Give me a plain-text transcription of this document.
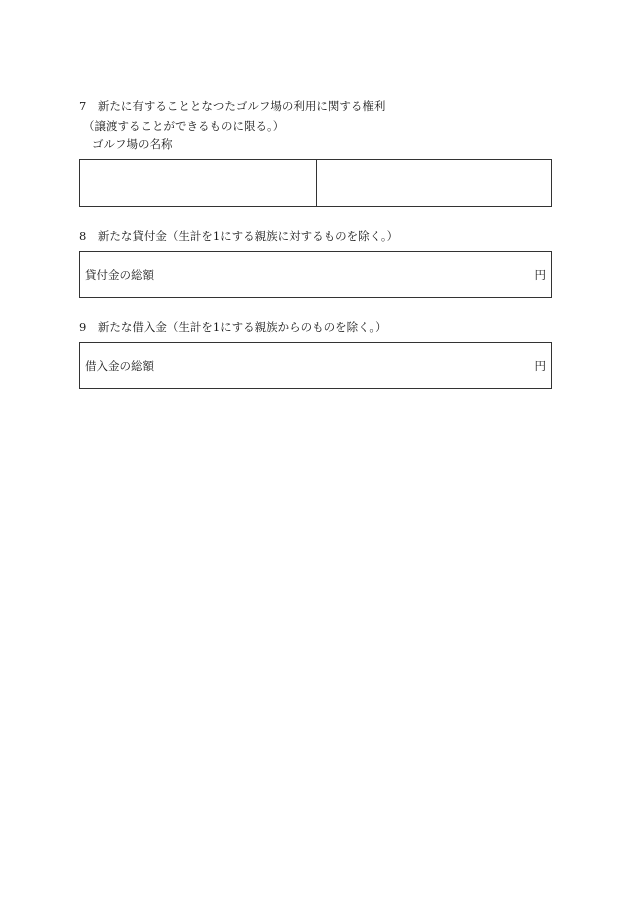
7　新たに有することとなつたゴルフ場の利用に関する権利
（譲渡することができるものに限る。）
ゴルフ場の名称
8　新たな貸付金（生計を1にする親族に対するものを除く。）
貸付金の総額	円
9　新たな借入金（生計を1にする親族からのものを除く。）
借入金の総額	円
